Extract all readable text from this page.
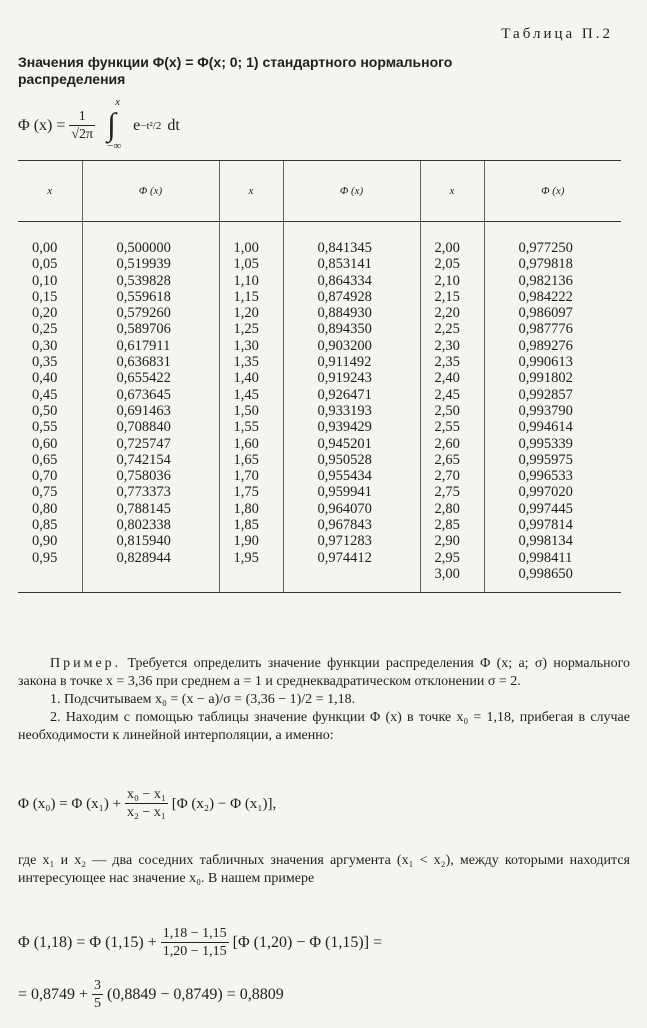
Таблица П.2
Значения функции Φ(x) = Φ(x; 0; 1) стандартного нормального распределения
Φ $(x) = \frac{1}{√2\pi}$
x
∫
−∞
e −t²/2 dt
x	Φ (x)	x	Φ (x)	x	Φ (x)
0,00	0,500000	1,00	0,841345	2,00	0,977250
0,05	0,519939	1,05	0,853141	2,05	0,979818
0,10	0,539828	1,10	0,864334	2,10	0,982136
0,15	0,559618	1,15	0,874928	2,15	0,984222
0,20	0,579260	1,20	0,884930	2,20	0,986097
0,25	0,589706	1,25	0,894350	2,25	0,987776
0,30	0,617911	1,30	0,903200	2,30	0,989276
0,35	0,636831	1,35	0,911492	2,35	0,990613
0,40	0,655422	1,40	0,919243	2,40	0,991802
0,45	0,673645	1,45	0,926471	2,45	0,992857
0,50	0,691463	1,50	0,933193	2,50	0,993790
0,55	0,708840	1,55	0,939429	2,55	0,994614
0,60	0,725747	1,60	0,945201	2,60	0,995339
0,65	0,742154	1,65	0,950528	2,65	0,995975
0,70	0,758036	1,70	0,955434	2,70	0,996533
0,75	0,773373	1,75	0,959941	2,75	0,997020
0,80	0,788145	1,80	0,964070	2,80	0,997445
0,85	0,802338	1,85	0,967843	2,85	0,997814
0,90	0,815940	1,90	0,971283	2,90	0,998134
0,95	0,828944	1,95	0,974412	2,95	0,998411
				3,00	0,998650

Пример. Требуется определить значение функции распределения Φ (x; a; σ) нормального закона в точке x = 3,36 при среднем a = 1 и среднеквадратическом отклонении σ = 2.

1. Подсчитываем x₀ = (x − a)/σ = (3,36 − 1)/2 = 1,18.

2. Находим с помощью таблицы значение функции Φ (x) в точке x₀ = 1,18, прибегая в случае необходимости к линейной интерполяции, а именно:

Φ (x₀) = Φ $(x_1) + \frac{\text{x₀ − x₁}}{\text{x₂ − x₁}} [\Phi$ (x₂) − Φ (x₁)],
где x₁ и x₂ — два соседних табличных значения аргумента (x₁ < x₂), между которыми находится интересующее нас значение x₀. В нашем примере
Φ (1,18) = Φ $(1,15) + \frac{1,18 - 1,15}{1,20 - 1,15} [\Phi$ (1,20) − Φ (1,15)] =
= $0,8749 + \frac{3}{5} (0,8849 - 0,8749) = 0,8809$
